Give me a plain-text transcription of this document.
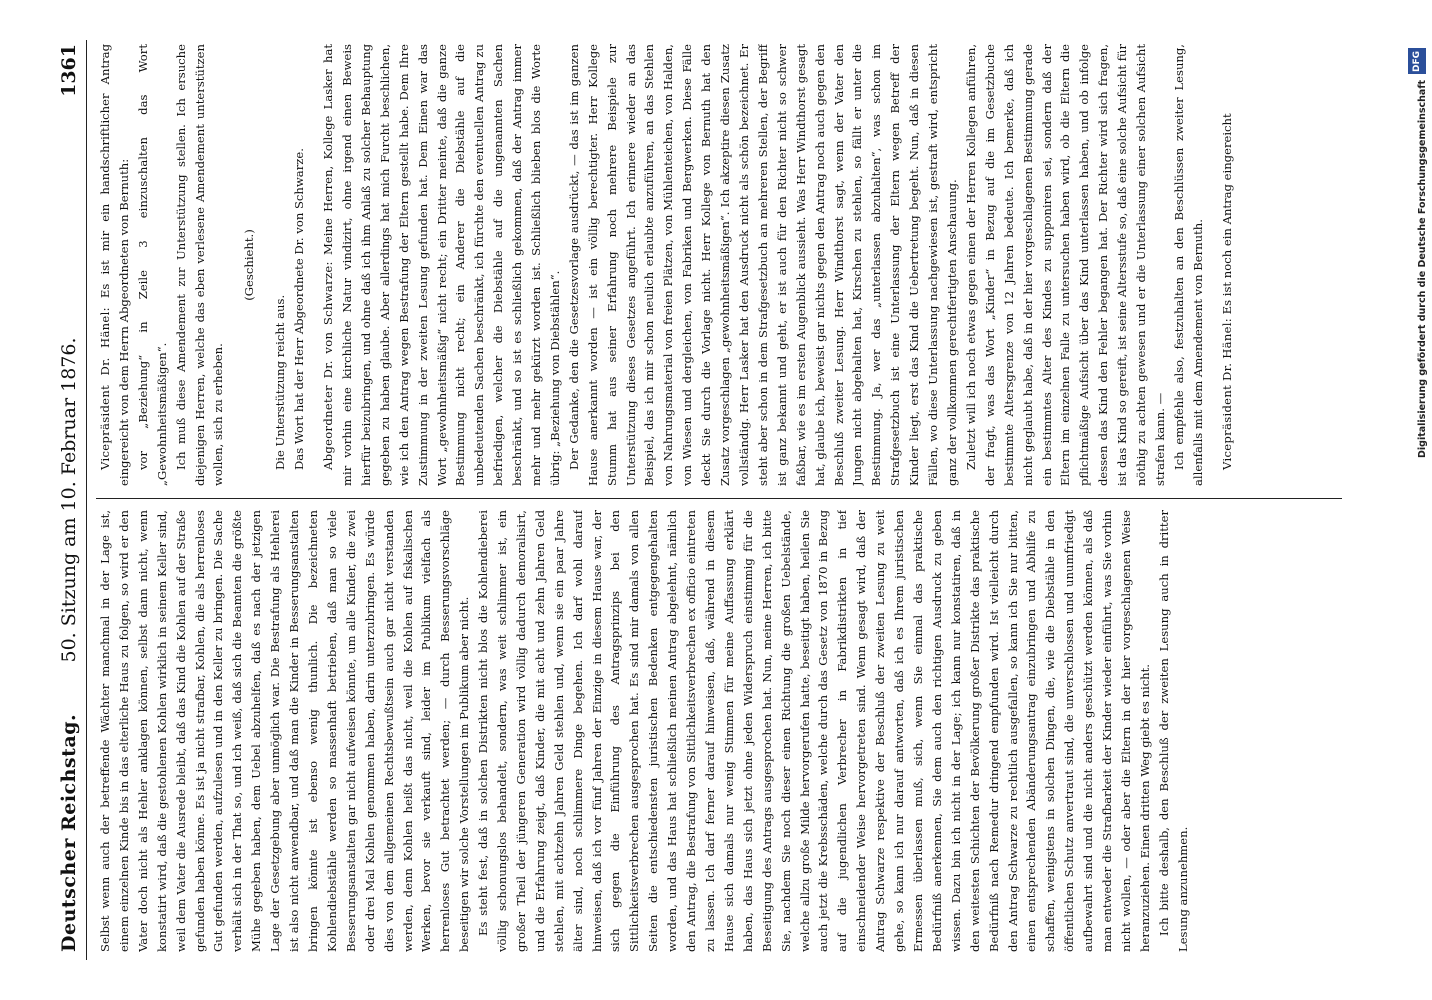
Deutscher Reichstag.
50. Sitzung am 10. Februar 1876.
1361

Selbst wenn auch der betreffende Wächter manchmal in der Lage ist, einem einzelnen Kinde bis in das elterliche Haus zu folgen, so wird er den Vater doch nicht als Hehler anklagen können, selbst dann nicht, wenn konstatirt wird, daß die gestohlenen Kohlen wirklich in seinem Keller sind, weil dem Vater die Ausrede bleibt, daß das Kind die Kohlen auf der Straße gefunden haben könne. Es ist ja nicht strafbar, Kohlen, die als herrenloses Gut gefunden werden, aufzulesen und in den Keller zu bringen. Die Sache verhält sich in der That so, und ich weiß, daß sich die Beamten die größte Mühe gegeben haben, dem Uebel abzuhelfen, daß es nach der jetzigen Lage der Gesetzgebung aber unmöglich war. Die Bestrafung als Hehlerei ist also nicht anwendbar, und daß man die Kinder in Besserungsanstalten bringen könnte ist ebenso wenig thunlich. Die bezeichneten Kohlendiebstähle werden so massenhaft betrieben, daß man so viele Besserungsanstalten gar nicht aufweisen könnte, um alle Kinder, die zwei oder drei Mal Kohlen genommen haben, darin unterzubringen. Es würde dies von dem allgemeinen Rechtsbewußtsein auch gar nicht verstanden werden, denn Kohlen heißt das nicht, weil die Kohlen auf fiskalischen Werken, bevor sie verkauft sind, leider im Publikum vielfach als herrenloses Gut betrachtet werden; — durch Besserungsvorschläge beseitigen wir solche Vorstellungen im Publikum aber nicht. Es steht fest, daß in solchen Distrikten nicht blos die Kohlendieberei völlig schonungslos behandelt, sondern, was weit schlimmer ist, ein großer Theil der jüngeren Generation wird völlig dadurch demoralisirt, und die Erfahrung zeigt, daß Kinder, die mit acht und zehn Jahren Geld stehlen, mit achtzehn Jahren Geld stehlen und, wenn sie ein paar Jahre älter sind, noch schlimmere Dinge begehen. Ich darf wohl darauf hinweisen, daß ich vor fünf Jahren der Einzige in diesem Hause war, der sich gegen die Einführung des Antragsprinzips bei den Sittlichkeitsverbrechen ausgesprochen hat. Es sind mir damals von allen Seiten die entschiedensten juristischen Bedenken entgegengehalten worden, und das Haus hat schließlich meinen Antrag abgelehnt, nämlich den Antrag, die Bestrafung von Sittlichkeitsverbrechen ex officio eintreten zu lassen. Ich darf ferner darauf hinweisen, daß, während in diesem Hause sich damals nur wenig Stimmen für meine Auffassung erklärt haben, das Haus sich jetzt ohne jeden Widerspruch einstimmig für die Beseitigung des Antrags ausgesprochen hat. Nun, meine Herren, ich bitte Sie, nachdem Sie noch dieser einen Richtung die großen Uebelstände, welche allzu große Milde hervorgerufen hatte, beseitigt haben, heilen Sie auch jetzt die Krebsschäden, welche durch das Gesetz von 1870 in Bezug auf die jugendlichen Verbrecher in Fabrikdistrikten in tief einschneidender Weise hervorgetreten sind. Wenn gesagt wird, daß der Antrag Schwarze respektive der Beschluß der zweiten Lesung zu weit gehe, so kann ich nur darauf antworten, daß ich es Ihrem juristischen Ermessen überlassen muß, sich, wenn Sie einmal das praktische Bedürfniß anerkennen, Sie dem auch den richtigen Ausdruck zu geben wissen. Dazu bin ich nicht in der Lage; ich kann nur konstatiren, daß in den weitesten Schichten der Bevölkerung großer Distrikte das praktische Bedürfniß nach Remedur dringend empfunden wird. Ist vielleicht durch den Antrag Schwarze zu rechtlich ausgefallen, so kann ich Sie nur bitten, einen entsprechenden Abänderungsantrag einzubringen und Abhilfe zu schaffen, wenigstens in solchen Dingen, die, wie die Diebstähle in den öffentlichen Schutz anvertraut sind, die unverschlossen und unumfriedigt aufbewahrt sind und die nicht anders geschützt werden können, als daß man entweder die Strafbarkeit der Kinder wieder einführt, was Sie vorhin nicht wollen, — oder aber die Eltern in der hier vorgeschlagenen Weise heranzuziehen. Einen dritten Weg giebt es nicht. Ich bitte deshalb, den Beschluß der zweiten Lesung auch in dritter Lesung anzunehmen.

Vicepräsident Dr. Hänel: Es ist mir ein handschriftlicher Antrag eingereicht von dem Herrn Abgeordneten von Bernuth: vor „Beziehung“ in Zeile 3 einzuschalten das Wort „Gewohnheitsmäßigen“. Ich muß diese Amendement zur Unterstützung stellen. Ich ersuche diejenigen Herren, welche das eben verlesene Amendement unterstützen wollen, sich zu erheben.

(Geschieht.)

Die Unterstützung reicht aus. Das Wort hat der Herr Abgeordnete Dr. von Schwarze. Abgeordneter Dr. von Schwarze: Meine Herren, Kollege Lasker hat mir vorhin eine kirchliche Natur vindizirt, ohne irgend einen Beweis hierfür beizubringen, und ohne daß ich ihm Anlaß zu solcher Behauptung gegeben zu haben glaube. Aber allerdings hat mich Furcht beschlichen, wie ich den Antrag wegen Bestrafung der Eltern gestellt habe. Dem Ihre Zustimmung in der zweiten Lesung gefunden hat. Dem Einen war das Wort „gewohnheitsmäßig“ nicht recht; ein Dritter meinte, daß die ganze Bestimmung nicht recht; ein Anderer die Diebstähle auf die unbedeutenden Sachen beschränkt, ich fürchte den eventuellen Antrag zu befriedigen, welcher die Diebstähle auf die ungenannten Sachen beschränkt, und so ist es schließlich gekommen, daß der Antrag immer mehr und mehr gekürzt worden ist. Schließlich blieben blos die Worte übrig: „Beziehung von Diebstählen“. Der Gedanke, den die Gesetzesvorlage ausdrückt, — das ist im ganzen Hause anerkannt worden — ist ein völlig berechtigter. Herr Kollege Stumm hat aus seiner Erfahrung noch mehrere Beispiele zur Unterstützung dieses Gesetzes angeführt. Ich erinnere wieder an das Beispiel, das ich mir schon neulich erlaubte anzuführen, an das Stehlen von Nahrungsmaterial von freien Plätzen, von Mühlenteichen, von Halden, von Wiesen und dergleichen, von Fabriken und Bergwerken. Diese Fälle deckt Sie durch die Vorlage nicht. Herr Kollege von Bernuth hat den Zusatz vorgeschlagen „gewohnheitsmäßigen“. Ich akzeptire diesen Zusatz vollständig. Herr Lasker hat den Ausdruck nicht als schön bezeichnet. Er steht aber schon in dem Strafgesetzbuch an mehreren Stellen, der Begriff ist ganz bekannt und geht, er ist auch für den Richter nicht so schwer faßbar, wie es im ersten Augenblick aussieht. Was Herr Windthorst gesagt hat, glaube ich, beweist gar nichts gegen den Antrag noch auch gegen den Beschluß zweiter Lesung. Herr Windthorst sagt, wenn der Vater den Jungen nicht abgehalten hat, Kirschen zu stehlen, so fällt er unter die Bestimmung. Ja, wer das „unterlassen abzuhalten“, was schon im Strafgesetzbuch ist eine Unterlassung der Eltern wegen Betreff der Kinder liegt, erst das Kind die Uebertretung begeht. Nun, daß in diesen Fällen, wo diese Unterlassung nachgewiesen ist, gestraft wird, entspricht ganz der vollkommen gerechtfertigten Anschauung. Zuletzt will ich noch etwas gegen einen der Herren Kollegen anführen, der fragt, was das Wort „Kinder“ in Bezug auf die im Gesetzbuche bestimmte Altersgrenze von 12 Jahren bedeute. Ich bemerke, daß ich nicht geglaubt habe, daß in der hier vorgeschlagenen Bestimmung gerade ein bestimmtes Alter des Kindes zu supponiren sei, sondern daß der Eltern im einzelnen Falle zu untersuchen haben wird, ob die Eltern die pflichtmäßige Aufsicht über das Kind unterlassen haben, und ob infolge dessen das Kind den Fehler begangen hat. Der Richter wird sich fragen, ist das Kind so gereift, ist seine Altersstufe so, daß eine solche Aufsicht für nöthig zu achten gewesen und er die Unterlassung einer solchen Aufsicht strafen kann. — Ich empfehle also, festzuhalten an den Beschlüssen zweiter Lesung, allenfalls mit dem Amendement von Bernuth. Vicepräsident Dr. Hänel: Es ist noch ein Antrag eingereicht

DFG
Digitalisierung gefördert durch die Deutsche Forschungsgemeinschaft
